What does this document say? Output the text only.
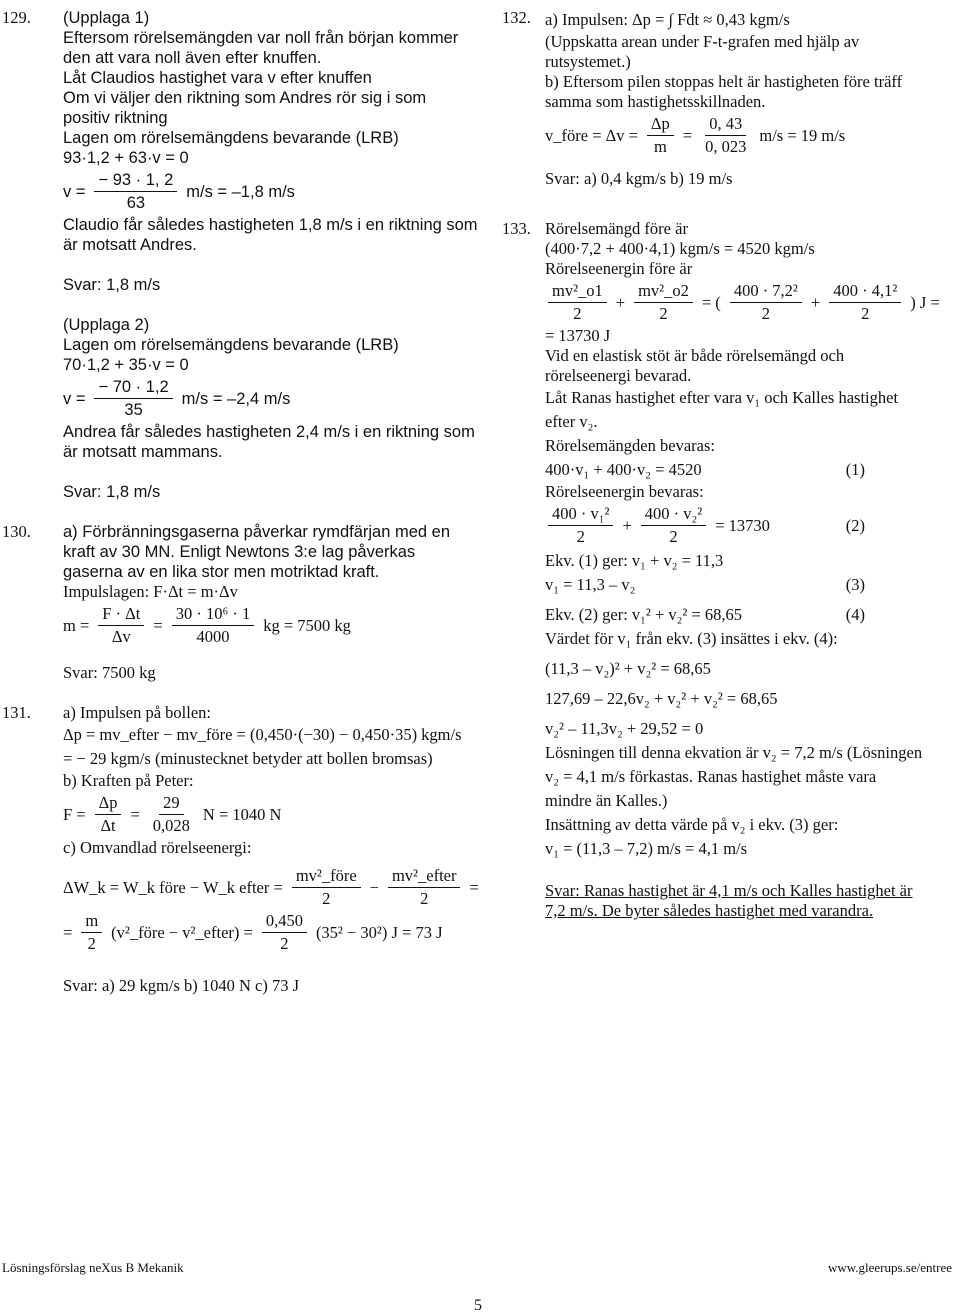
129. (Upplaga 1)
Eftersom rörelsemängden var noll från början kommer
den att vara noll även efter knuffen.
Låt Claudios hastighet vara v efter knuffen
Om vi väljer den riktning som Andres rör sig i som
positiv riktning
Lagen om rörelsemängdens bevarande (LRB)
93·1,2 + 63·v = 0
$v = \frac{- 93 \cdot 1, 2}{63} m/s = -1,8$ m/s
Claudio får således hastigheten 1,8 m/s i en riktning som
är motsatt Andres.
Svar: 1,8 m/s
(Upplaga 2)
Lagen om rörelsemängdens bevarande (LRB)
70·1,2 + 35·v = 0
$v = \frac{- 70 \cdot 1,2}{35} m/s = -2,4$ m/s
Andrea får således hastigheten 2,4 m/s i en riktning som
är motsatt mammans.
Svar: 1,8 m/s
130. a) Förbränningsgaserna påverkar rymdfärjan med en
kraft av 30 MN. Enligt Newtons 3:e lag påverkas
gaserna av en lika stor men motriktad kraft.
Impulslagen: F·Δt = m·Δv
$m = \frac{F \cdot \Delta t}{\Delta v} = \frac{\text{30 · 10⁶ · 1}}{4000}$ kg = 7500 kg
Svar: 7500 kg
131. a) Impulsen på bollen:
Δp = mv_efter − mv_före = (0,450·(−30) − 0,450·35) kgm/s
= − 29 kgm/s (minustecknet betyder att bollen bromsas)
b) Kraften på Peter:
$F = \frac{\Delta p}{\Delta t} = \frac{29}{0,028}$ N = 1040 N
c) Omvandlad rörelseenergi:
ΔW_k = W_k före − W_k efter = $\frac{\text{mv²\_före}}{2} - \frac{\text{mv²\_efter}}{2}$ =
= $\frac{m}{2}$ (v²_före − v²_efter) = $\frac{0,450}{2} (35^2 - 30^2) J = 73$ J
Svar: a) 29 kgm/s b) 1040 N c) 73 J
132. a) Impulsen: Δp = ∫ Fdt ≈ 0,43 kgm/s
(Uppskatta arean under F-t-grafen med hjälp av
rutsystemet.)
b) Eftersom pilen stoppas helt är hastigheten före träff
samma som hastighetsskillnaden.
v_före = $\Delta v = \frac{\Delta p}{m} = \frac{0, 43}{0, 023} m/s = 19$ m/s
Svar: a) 0,4 kgm/s b) 19 m/s
133. Rörelsemängd före är
(400·7,2 + 400·4,1) kgm/s = 4520 kgm/s
Rörelseenergin före är
$\frac{\text{mv²\_o1}}{2} + \frac{\text{mv²\_o2}}{2}$ = ( $\frac{\text{400 · 7,2²}}{2} + \frac{\text{400 · 4,1²}}{2}$ ) J =
= 13730 J
Vid en elastisk stöt är både rörelsemängd och
rörelseenergi bevarad.
Låt Ranas hastighet efter vara v₁ och Kalles hastighet
efter v₂.
Rörelsemängden bevaras:
400·v₁ + 400·v₂ = 4520	(1)
Rörelseenergin bevaras:
$\frac{\text{400 · v₁²}}{2} + \frac{\text{400 · v₂²}}{2} = 13730$	(2)
Ekv. (1) ger: v₁ + v₂ = 11,3
v₁ = 11,3 – v₂	(3)
Ekv. (2) ger: v₁² + v₂² = 68,65	(4)
Värdet för v₁ från ekv. (3) insättes i ekv. (4):
(11,3 – v₂)² + v₂² = 68,65
127,69 – 22,6v₂ + v₂² + v₂² = 68,65
v₂² – 11,3v₂ + 29,52 = 0
Lösningen till denna ekvation är v₂ = 7,2 m/s (Lösningen
v₂ = 4,1 m/s förkastas. Ranas hastighet måste vara
mindre än Kalles.)
Insättning av detta värde på v₂ i ekv. (3) ger:
v₁ = (11,3 – 7,2) m/s = 4,1 m/s
Svar: Ranas hastighet är 4,1 m/s och Kalles hastighet är
7,2 m/s. De byter således hastighet med varandra.
Lösningsförslag neXus B Mekanik	www.gleerups.se/entree
5
